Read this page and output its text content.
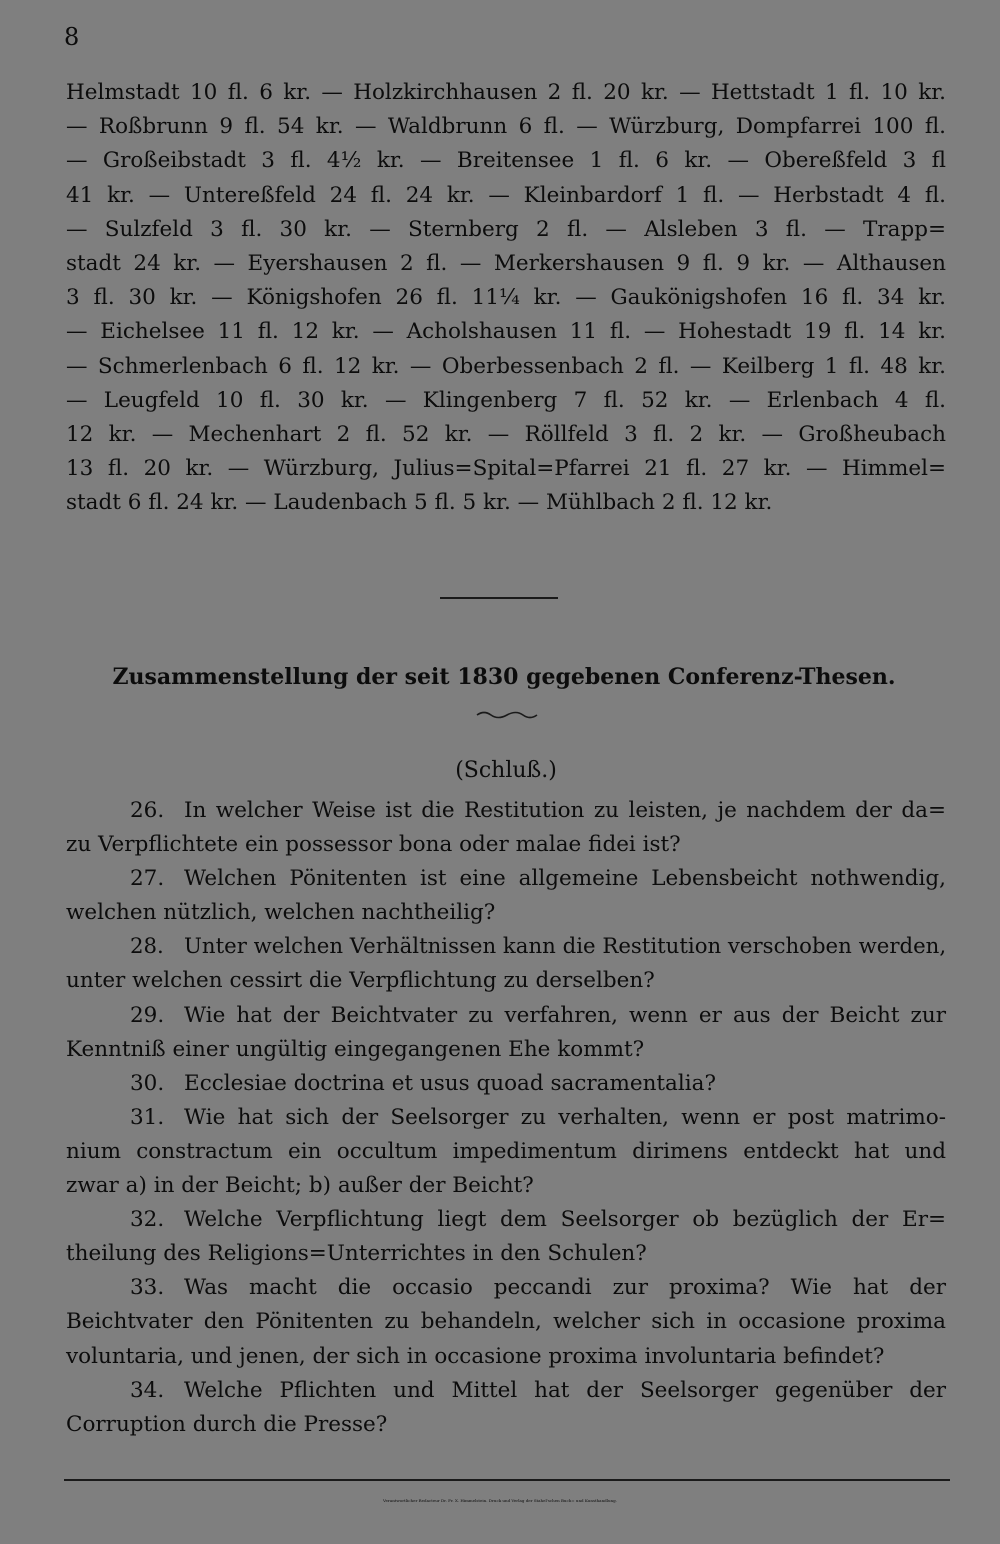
8
Helmstadt 10 fl. 6 kr. — Holzkirchhausen 2 fl. 20 kr. — Hettstadt 1 fl. 10 kr.
— Roßbrunn 9 fl. 54 kr. — Waldbrunn 6 fl. — Würzburg, Dompfarrei 100 fl.
— Großeibstadt 3 fl. 4½ kr. — Breitensee 1 fl. 6 kr. — Obereßfeld 3 fl
41 kr. — Untereßfeld 24 fl. 24 kr. — Kleinbardorf 1 fl. — Herbstadt 4 fl.
— Sulzfeld 3 fl. 30 kr. — Sternberg 2 fl. — Alsleben 3 fl. — Trapp=
stadt 24 kr. — Eyershausen 2 fl. — Merkershausen 9 fl. 9 kr. — Althausen
3 fl. 30 kr. — Königshofen 26 fl. 11¼ kr. — Gaukönigshofen 16 fl. 34 kr.
— Eichelsee 11 fl. 12 kr. — Acholshausen 11 fl. — Hohestadt 19 fl. 14 kr.
— Schmerlenbach 6 fl. 12 kr. — Oberbessenbach 2 fl. — Keilberg 1 fl. 48 kr.
— Leugfeld 10 fl. 30 kr. — Klingenberg 7 fl. 52 kr. — Erlenbach 4 fl.
12 kr. — Mechenhart 2 fl. 52 kr. — Röllfeld 3 fl. 2 kr. — Großheubach
13 fl. 20 kr. — Würzburg, Julius=Spital=Pfarrei 21 fl. 27 kr. — Himmel=
stadt 6 fl. 24 kr. — Laudenbach 5 fl. 5 kr. — Mühlbach 2 fl. 12 kr.
Zusammenstellung der seit 1830 gegebenen Conferenz-Thesen.
(Schluß.)
26. In welcher Weise ist die Restitution zu leisten, je nachdem der da=
zu Verpflichtete ein possessor bona oder malae fidei ist?
27. Welchen Pönitenten ist eine allgemeine Lebensbeicht nothwendig,
welchen nützlich, welchen nachtheilig?
28. Unter welchen Verhältnissen kann die Restitution verschoben werden,
unter welchen cessirt die Verpflichtung zu derselben?
29. Wie hat der Beichtvater zu verfahren, wenn er aus der Beicht zur
Kenntniß einer ungültig eingegangenen Ehe kommt?
30. Ecclesiae doctrina et usus quoad sacramentalia?
31. Wie hat sich der Seelsorger zu verhalten, wenn er post matrimo-
nium constractum ein occultum impedimentum dirimens entdeckt hat und
zwar a) in der Beicht; b) außer der Beicht?
32. Welche Verpflichtung liegt dem Seelsorger ob bezüglich der Er=
theilung des Religions=Unterrichtes in den Schulen?
33. Was macht die occasio peccandi zur proxima? Wie hat der
Beichtvater den Pönitenten zu behandeln, welcher sich in occasione proxima
voluntaria, und jenen, der sich in occasione proxima involuntaria befindet?
34. Welche Pflichten und Mittel hat der Seelsorger gegenüber der
Corruption durch die Presse?
Verantwortlicher Redacteur Dr. Fr. X. Himmelstein. Druck und Verlag der Stahel'schen Buch= und Kunsthandlung.
